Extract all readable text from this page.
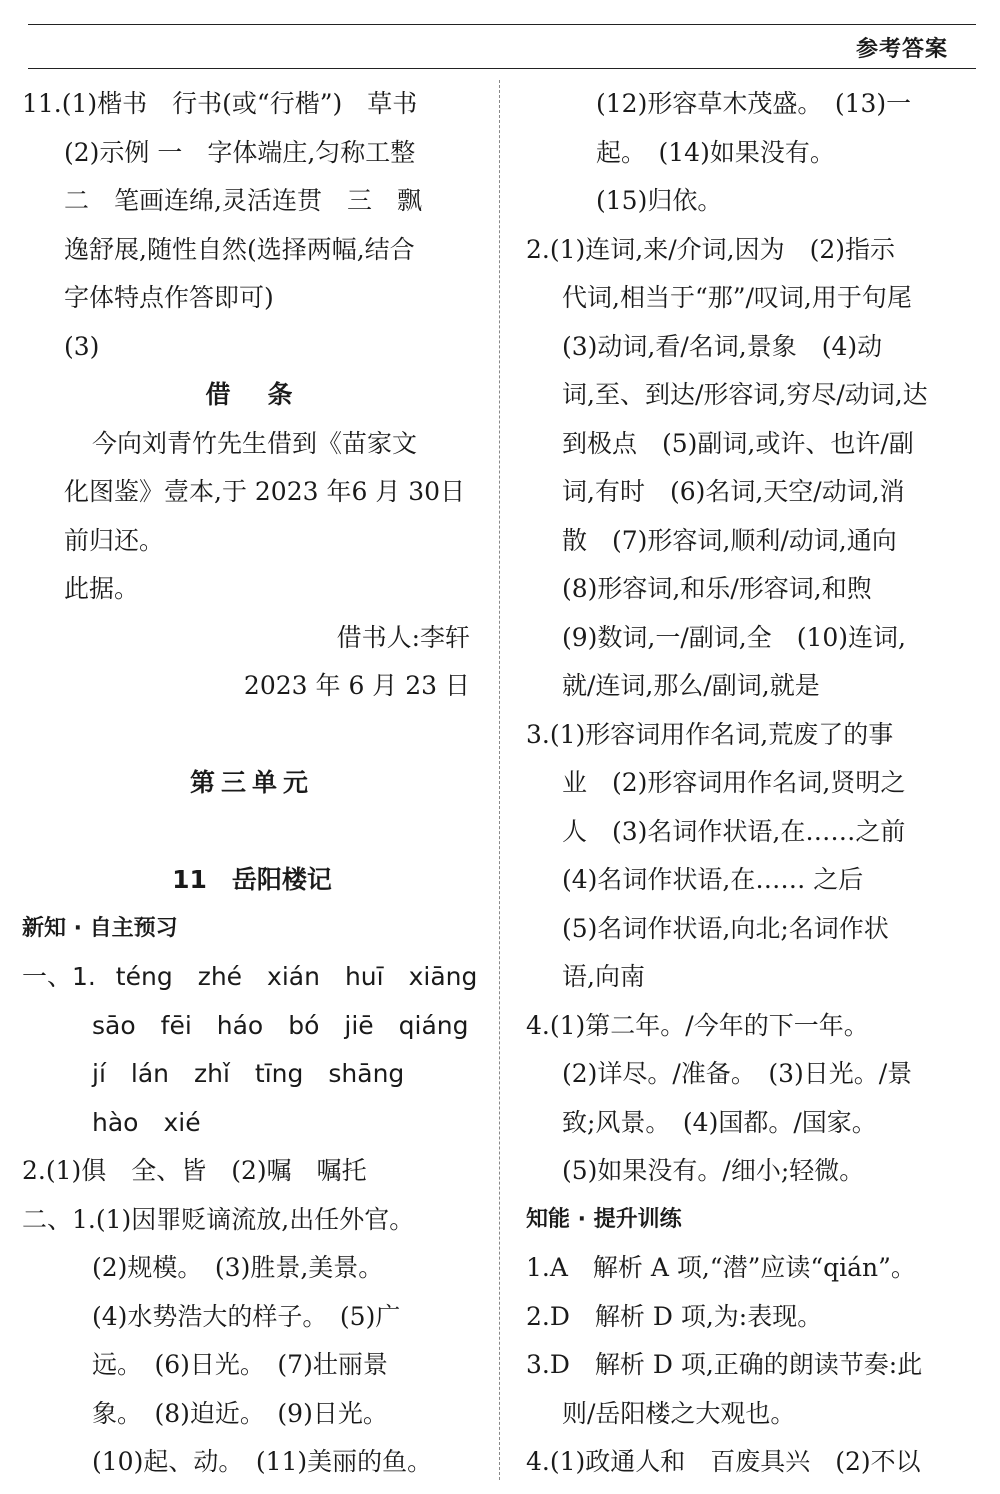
参考答案
11.(1)楷书　行书(或“行楷”)　草书
(2)示例 一　字体端庄,匀称工整
二　笔画连绵,灵活连贯　三　飘
逸舒展,随性自然(选择两幅,结合
字体特点作答即可)
(3)
借　条
今向刘青竹先生借到《苗家文
化图鉴》壹本,于 2023 年6 月 30日
前归还。
此据。
借书人:李轩
2023 年 6 月 23 日
第三单元
11　岳阳楼记
新知 · 自主预习
一、1. téng　zhé　xián　huī　xiāng
sāo　fēi　háo　bó　jiē　qiáng
jí　lán　zhǐ　tīng　shāng
hào　xié
2.(1)俱　全、皆　(2)嘱　嘱托
二、1.(1)因罪贬谪流放,出任外官。
(2)规模。　(3)胜景,美景。
(4)水势浩大的样子。　(5)广
远。　(6)日光。　(7)壮丽景
象。　(8)迫近。　(9)日光。
(10)起、动。　(11)美丽的鱼。
(12)形容草木茂盛。　(13)一
起。　(14)如果没有。
(15)归依。
2.(1)连词,来/介词,因为　(2)指示
代词,相当于“那”/叹词,用于句尾
(3)动词,看/名词,景象　(4)动
词,至、到达/形容词,穷尽/动词,达
到极点　(5)副词,或许、也许/副
词,有时　(6)名词,天空/动词,消
散　(7)形容词,顺利/动词,通向
(8)形容词,和乐/形容词,和煦
(9)数词,一/副词,全　(10)连词,
就/连词,那么/副词,就是
3.(1)形容词用作名词,荒废了的事
业　(2)形容词用作名词,贤明之
人　(3)名词作状语,在……之前
(4)名词作状语,在…… 之后
(5)名词作状语,向北;名词作状
语,向南
4.(1)第二年。/今年的下一年。
(2)详尽。/准备。　(3)日光。/景
致;风景。　(4)国都。/国家。
(5)如果没有。/细小;轻微。
知能 · 提升训练
1.A　解析 A 项,“潜”应读“qián”。
2.D　解析 D 项,为:表现。
3.D　解析 D 项,正确的朗读节奏:此
则/岳阳楼之大观也。
4.(1)政通人和　百废具兴　(2)不以
